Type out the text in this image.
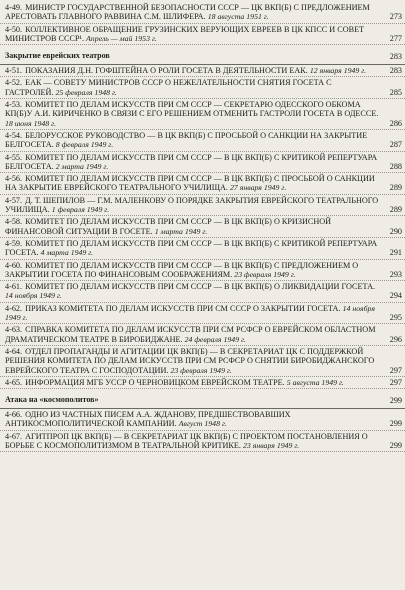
4-49. МИНИСТР ГОСУДАРСТВЕННОЙ БЕЗОПАСНОСТИ СССР — ЦК ВКП(Б) С ПРЕДЛОЖЕНИЕМ АРЕСТОВАТЬ ГЛАВНОГО РАВВИНА С.М. ШЛИФЕРА. 18 августа 1951 г.	273
4-50. КОЛЛЕКТИВНОЕ ОБРАЩЕНИЕ ГРУЗИНСКИХ ВЕРУЮЩИХ ЕВРЕЕВ В ЦК КПСС И СОВЕТ МИНИСТРОВ СССР¹. Апрель — май 1953 г.	277
Закрытие еврейских театров	283
4-51. ПОКАЗАНИЯ Д.Н. ГОФШТЕЙНА О РОЛИ ГОСЕТА В ДЕЯТЕЛЬНОСТИ ЕАК. 12 января 1949 г.	283
4-52. ЕАК — СОВЕТУ МИНИСТРОВ СССР О НЕЖЕЛАТЕЛЬНОСТИ СНЯТИЯ ГОСЕТА С ГАСТРОЛЕЙ. 25 февраля 1948 г.	285
4-53. КОМИТЕТ ПО ДЕЛАМ ИСКУССТВ ПРИ СМ СССР — СЕКРЕТАРЮ ОДЕССКОГО ОБКОМА КП(Б)У А.И. КИРИЧЕНКО В СВЯЗИ С ЕГО РЕШЕНИЕМ ОТМЕНИТЬ ГАСТРОЛИ ГОСЕТА В ОДЕССЕ. 18 июня 1948 г.	286
4-54. БЕЛОРУССКОЕ РУКОВОДСТВО — В ЦК ВКП(Б) С ПРОСЬБОЙ О САНКЦИИ НА ЗАКРЫТИЕ БЕЛГОСЕТА. 8 февраля 1949 г.	287
4-55. КОМИТЕТ ПО ДЕЛАМ ИСКУССТВ ПРИ СМ СССР — В ЦК ВКП(Б) С КРИТИКОЙ РЕПЕРТУАРА БЕЛГОСЕТА. 2 марта 1949 г.	288
4-56. КОМИТЕТ ПО ДЕЛАМ ИСКУССТВ ПРИ СМ СССР — В ЦК ВКП(Б) С ПРОСЬБОЙ О САНКЦИИ НА ЗАКРЫТИЕ ЕВРЕЙСКОГО ТЕАТРАЛЬНОГО УЧИЛИЩА. 27 января 1949 г.	289
4-57. Д. Т. ШЕПИЛОВ — Г.М. МАЛЕНКОВУ О ПОРЯДКЕ ЗАКРЫТИЯ ЕВРЕЙСКОГО ТЕАТРАЛЬНОГО УЧИЛИЩА. 1 февраля 1949 г.	289
4-58. КОМИТЕТ ПО ДЕЛАМ ИСКУССТВ ПРИ СМ СССР — В ЦК ВКП(Б) О КРИЗИСНОЙ ФИНАНСОВОЙ СИТУАЦИИ В ГОСЕТЕ. 1 марта 1949 г.	290
4-59. КОМИТЕТ ПО ДЕЛАМ ИСКУССТВ ПРИ СМ СССР — В ЦК ВКП(Б) С КРИТИКОЙ РЕПЕРТУАРА ГОСЕТА. 4 марта 1949 г.	291
4-60. КОМИТЕТ ПО ДЕЛАМ ИСКУССТВ ПРИ СМ СССР — В ЦК ВКП(Б) С ПРЕДЛОЖЕНИЕМ О ЗАКРЫТИИ ГОСЕТА ПО ФИНАНСОВЫМ СООБРАЖЕНИЯМ. 23 февраля 1949 г.	293
4-61. КОМИТЕТ ПО ДЕЛАМ ИСКУССТВ ПРИ СМ СССР — В ЦК ВКП(Б) О ЛИКВИДАЦИИ ГОСЕТА. 14 ноября 1949 г.	294
4-62. ПРИКАЗ КОМИТЕТА ПО ДЕЛАМ ИСКУССТВ ПРИ СМ СССР О ЗАКРЫТИИ ГОСЕТА. 14 ноября 1949 г.	295
4-63. СПРАВКА КОМИТЕТА ПО ДЕЛАМ ИСКУССТВ ПРИ СМ РСФСР О ЕВРЕЙСКОМ ОБЛАСТНОМ ДРАМАТИЧЕСКОМ ТЕАТРЕ В БИРОБИДЖАНЕ. 24 февраля 1949 г.	296
4-64. ОТДЕЛ ПРОПАГАНДЫ И АГИТАЦИИ ЦК ВКП(Б) — В СЕКРЕТАРИАТ ЦК С ПОДДЕРЖКОЙ РЕШЕНИЯ КОМИТЕТА ПО ДЕЛАМ ИСКУССТВ ПРИ СМ РСФСР О СНЯТИИ БИРОБИДЖАНСКОГО ЕВРЕЙСКОГО ТЕАТРА С ГОСПОДОТАЦИИ. 23 февраля 1949 г.	297
4-65. ИНФОРМАЦИЯ МГБ УССР О ЧЕРНОВИЦКОМ ЕВРЕЙСКОМ ТЕАТРЕ. 5 августа 1949 г.	297
Атака на «космополитов»	299
4-66. ОДНО ИЗ ЧАСТНЫХ ПИСЕМ А.А. ЖДАНОВУ, ПРЕДШЕСТВОВАВШИХ АНТИКОСМОПОЛИТИЧЕСКОЙ КАМПАНИИ. Август 1948 г.	299
4-67. АГИТПРОП ЦК ВКП(Б) — В СЕКРЕТАРИАТ ЦК ВКП(Б) С ПРОЕКТОМ ПОСТАНОВЛЕНИЯ О БОРЬБЕ С КОСМОПОЛИТИЗМОМ В ТЕАТРАЛЬНОЙ КРИТИКЕ. 23 января 1949 г.	299
